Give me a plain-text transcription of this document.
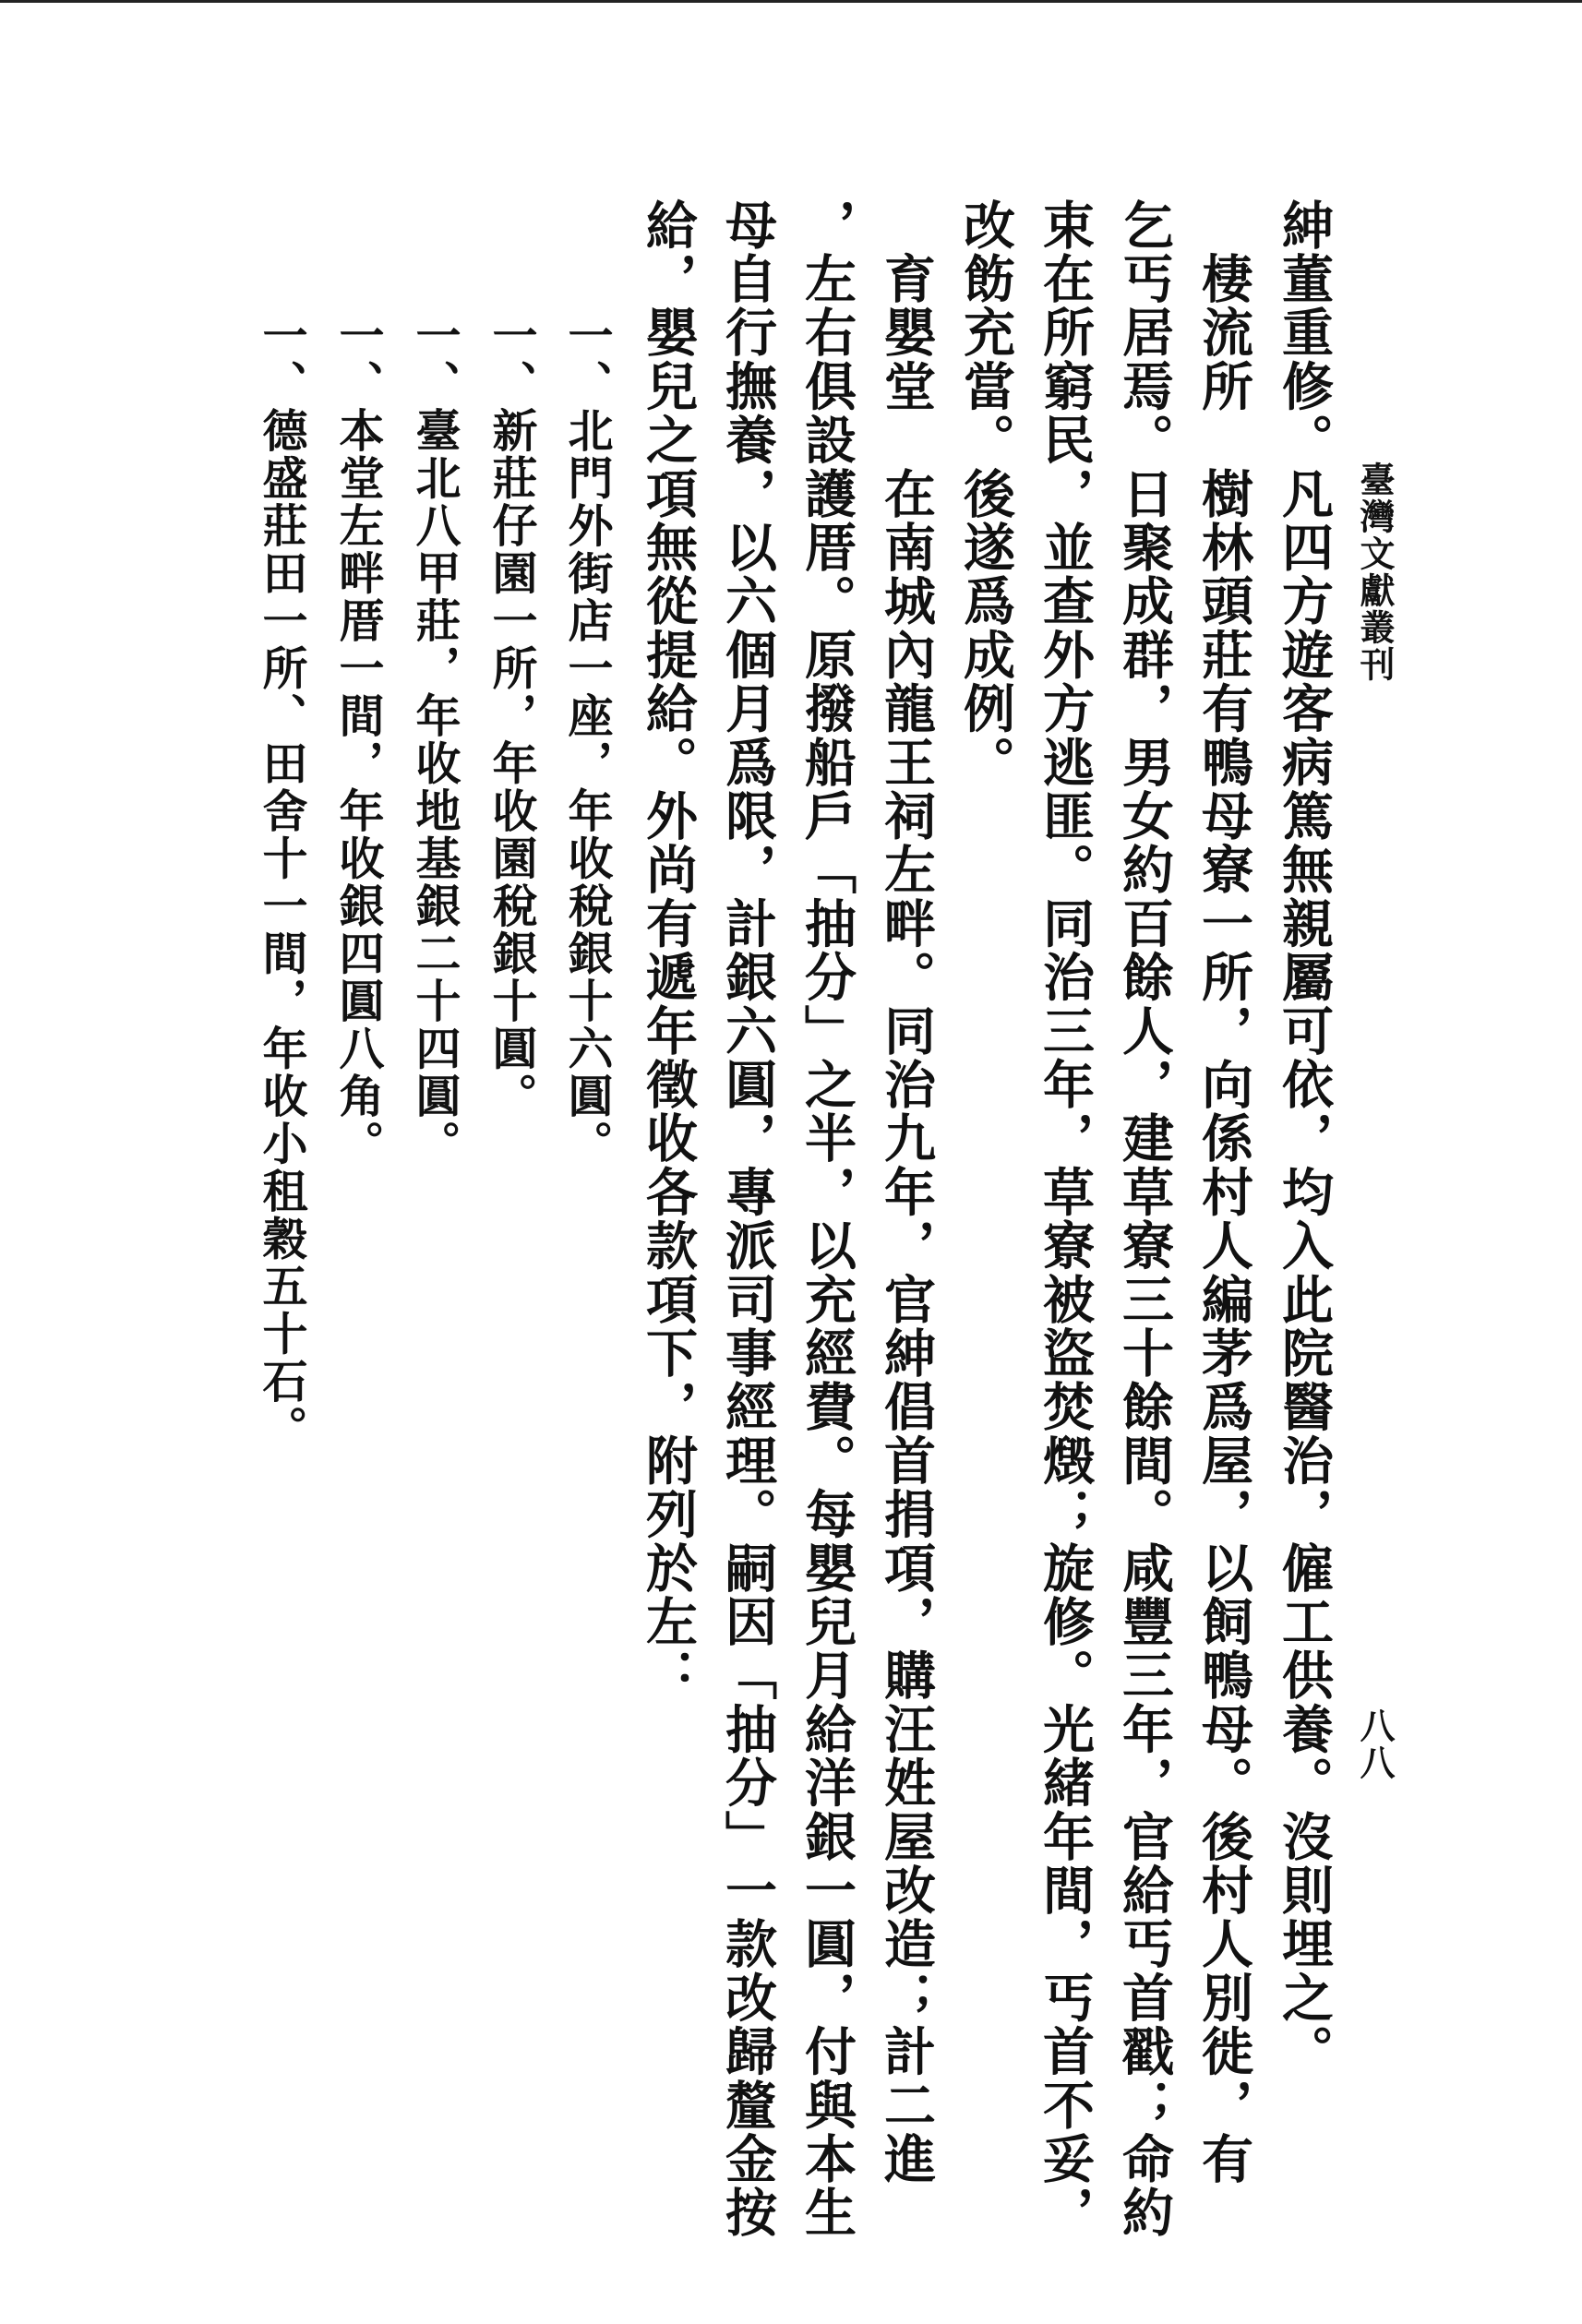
臺灣文獻叢刊
八八
紳董重修。凡四方遊客病篤無親屬可依，均入此院醫治，僱工供養。沒則埋之。
　棲流所　樹林頭莊有鴨母寮一所，向係村人編茅爲屋，以飼鴨母。後村人別徙，有
乞丐居焉。日聚成群，男女約百餘人，建草寮三十餘間。咸豐三年，官給丐首戳；命約
束在所窮民，並查外方逃匪。同治三年，草寮被盜焚燬；旋修。光緒年間，丐首不妥，
改飭充當。後遂爲成例。
　育嬰堂　在南城內龍王祠左畔。同治九年，官紳倡首捐項，購汪姓屋改造；計二進
，左右俱設護厝。原撥船戶「抽分」之半，以充經費。每嬰兒月給洋銀一圓，付與本生
母自行撫養，以六個月爲限，計銀六圓，專派司事經理。嗣因「抽分」一款改歸釐金按
給，嬰兒之項無從提給。外尚有遞年徵收各款項下，附列於左：
一、北門外街店一座，年收稅銀十六圓。
一、新莊仔園一所，年收園稅銀十圓。
一、臺北八甲莊，年收地基銀二十四圓。
一、本堂左畔厝一間，年收銀四圓八角。
一、德盛莊田一所、田舍十一間，年收小租穀五十石。
